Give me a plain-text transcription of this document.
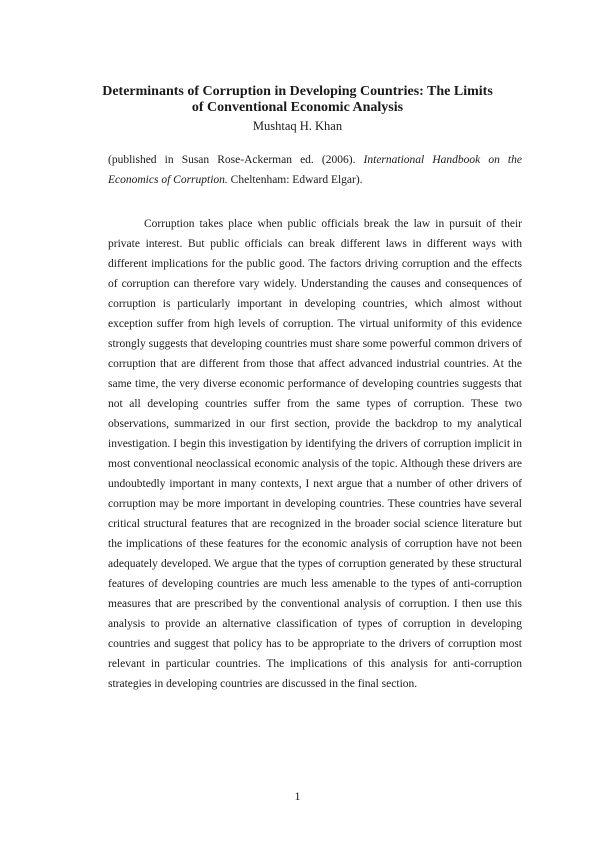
Determinants of Corruption in Developing Countries: The Limits of Conventional Economic Analysis
Mushtaq H. Khan
(published in Susan Rose-Ackerman ed. (2006). International Handbook on the Economics of Corruption. Cheltenham: Edward Elgar).

Corruption takes place when public officials break the law in pursuit of their private interest. But public officials can break different laws in different ways with different implications for the public good. The factors driving corruption and the effects of corruption can therefore vary widely. Understanding the causes and consequences of corruption is particularly important in developing countries, which almost without exception suffer from high levels of corruption. The virtual uniformity of this evidence strongly suggests that developing countries must share some powerful common drivers of corruption that are different from those that affect advanced industrial countries. At the same time, the very diverse economic performance of developing countries suggests that not all developing countries suffer from the same types of corruption. These two observations, summarized in our first section, provide the backdrop to my analytical investigation. I begin this investigation by identifying the drivers of corruption implicit in most conventional neoclassical economic analysis of the topic. Although these drivers are undoubtedly important in many contexts, I next argue that a number of other drivers of corruption may be more important in developing countries. These countries have several critical structural features that are recognized in the broader social science literature but the implications of these features for the economic analysis of corruption have not been adequately developed. We argue that the types of corruption generated by these structural features of developing countries are much less amenable to the types of anti-corruption measures that are prescribed by the conventional analysis of corruption. I then use this analysis to provide an alternative classification of types of corruption in developing countries and suggest that policy has to be appropriate to the drivers of corruption most relevant in particular countries. The implications of this analysis for anti-corruption strategies in developing countries are discussed in the final section.

1
